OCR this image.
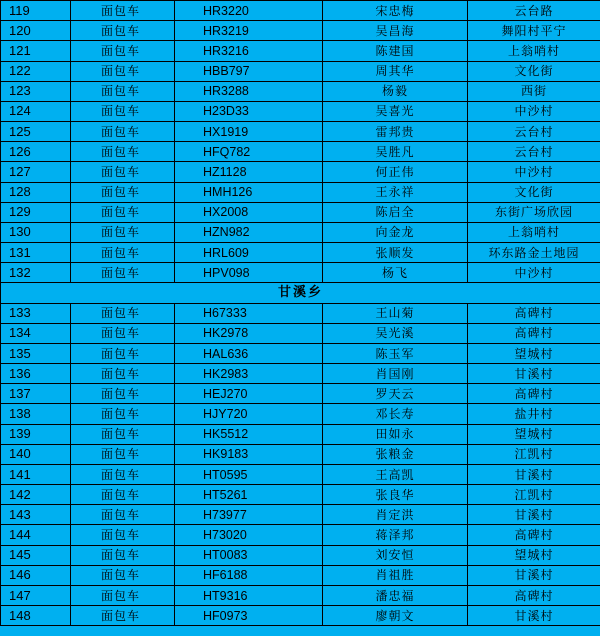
119	面包车	HR3220	宋忠梅	云台路
120	面包车	HR3219	吴昌海	舞阳村平宁
121	面包车	HR3216	陈建国	上翁哨村
122	面包车	HBB797	周其华	文化街
123	面包车	HR3288	杨毅	西街
124	面包车	H23D33	吴喜光	中沙村
125	面包车	HX1919	雷邦贵	云台村
126	面包车	HFQ782	吴胜凡	云台村
127	面包车	HZ1128	何正伟	中沙村
128	面包车	HMH126	王永祥	文化街
129	面包车	HX2008	陈启全	东街广场欣园
130	面包车	HZN982	向金龙	上翁哨村
131	面包车	HRL609	张顺发	环东路金土地园
132	面包车	HPV098	杨飞	中沙村
甘溪乡				
133	面包车	H67333	王山菊	高碑村
134	面包车	HK2978	吴光溪	高碑村
135	面包车	HAL636	陈玉军	望城村
136	面包车	HK2983	肖国刚	甘溪村
137	面包车	HEJ270	罗天云	高碑村
138	面包车	HJY720	邓长寿	盐井村
139	面包车	HK5512	田如永	望城村
140	面包车	HK9183	张粮金	江凯村
141	面包车	HT0595	王高凯	甘溪村
142	面包车	HT5261	张良华	江凯村
143	面包车	H73977	肖定洪	甘溪村
144	面包车	H73020	蒋泽邦	高碑村
145	面包车	HT0083	刘安恒	望城村
146	面包车	HF6188	肖祖胜	甘溪村
147	面包车	HT9316	潘忠福	高碑村
148	面包车	HF0973	廖朝文	甘溪村
